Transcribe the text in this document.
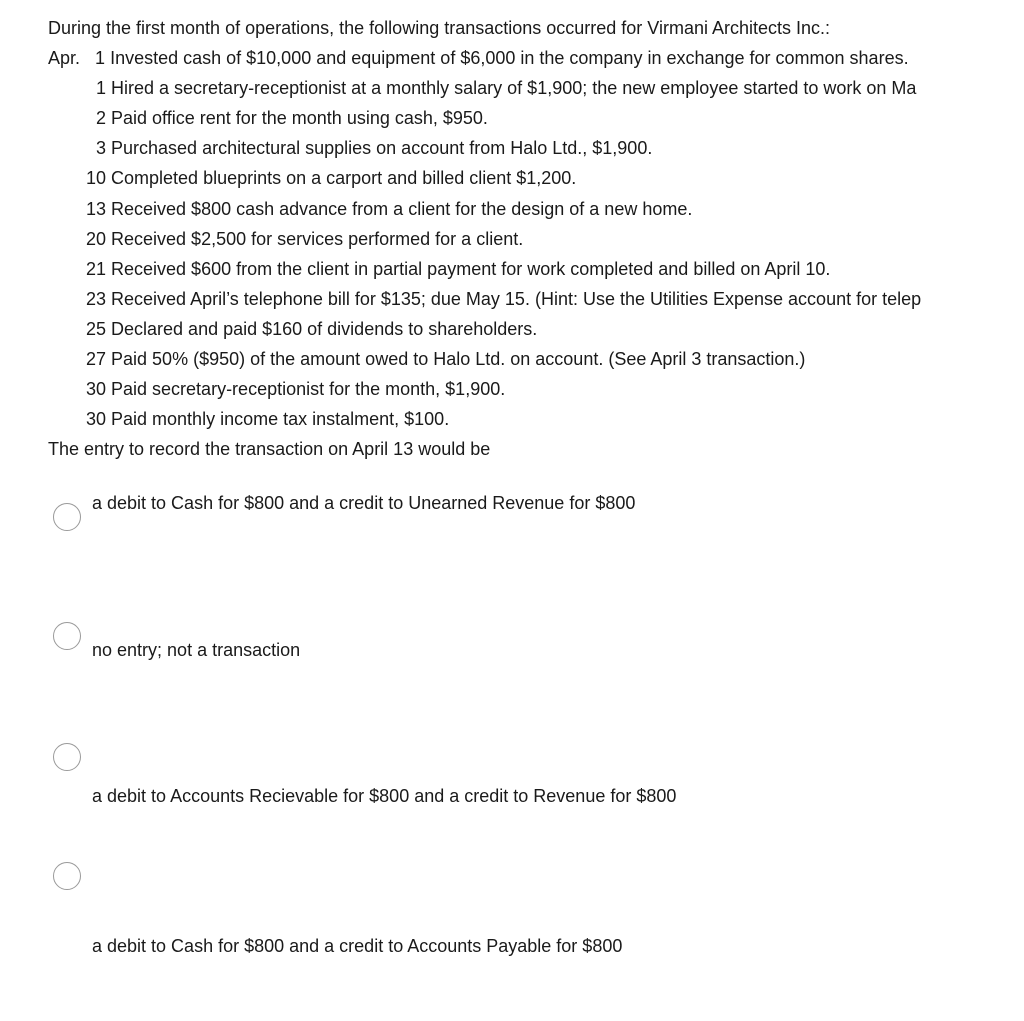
During the first month of operations, the following transactions occurred for Virmani Architects Inc.:
Apr. 1 Invested cash of $10,000 and equipment of $6,000 in the company in exchange for common shares.
1 Hired a secretary-receptionist at a monthly salary of $1,900; the new employee started to work on Ma
2 Paid office rent for the month using cash, $950.
3 Purchased architectural supplies on account from Halo Ltd., $1,900.
10 Completed blueprints on a carport and billed client $1,200.
13 Received $800 cash advance from a client for the design of a new home.
20 Received $2,500 for services performed for a client.
21 Received $600 from the client in partial payment for work completed and billed on April 10.
23 Received April’s telephone bill for $135; due May 15. (Hint: Use the Utilities Expense account for telep
25 Declared and paid $160 of dividends to shareholders.
27 Paid 50% ($950) of the amount owed to Halo Ltd. on account. (See April 3 transaction.)
30 Paid secretary-receptionist for the month, $1,900.
30 Paid monthly income tax instalment, $100.
The entry to record the transaction on April 13 would be
a debit to Cash for $800 and a credit to Unearned Revenue for $800
no entry; not a transaction
a debit to Accounts Recievable for $800 and a credit to Revenue for $800
a debit to Cash for $800 and a credit to Accounts Payable for $800
